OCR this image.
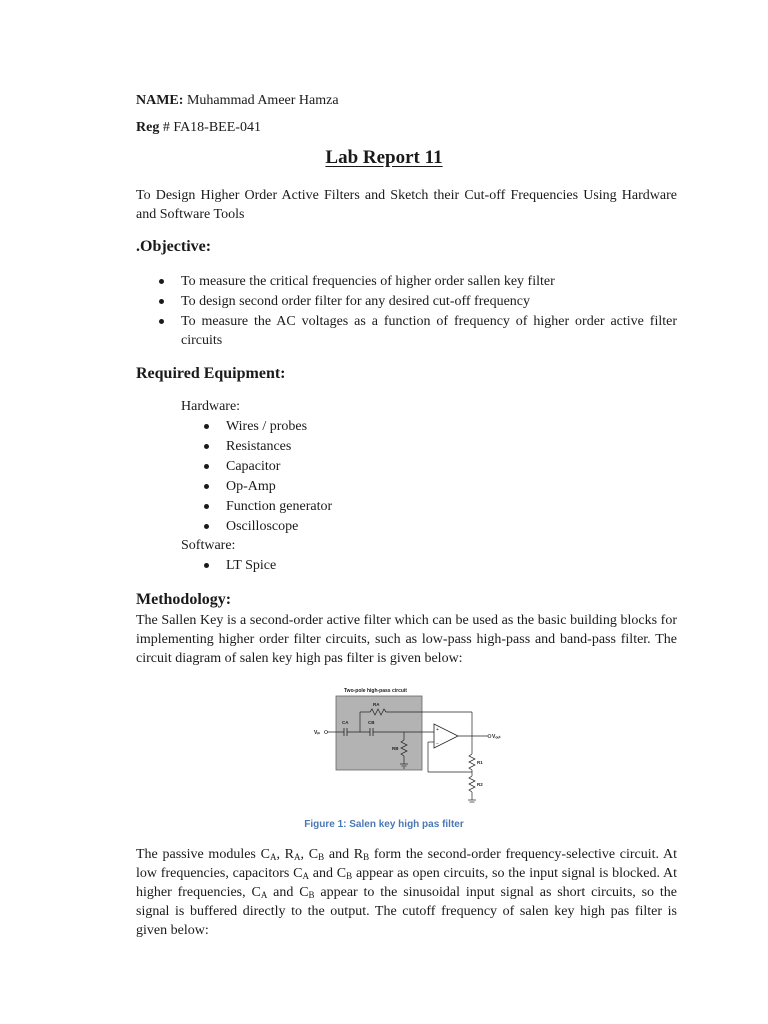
NAME: Muhammad Ameer Hamza
Reg # FA18-BEE-041
Lab Report 11
To Design Higher Order Active Filters and Sketch their Cut-off Frequencies Using Hardware and Software Tools
.Objective:
To measure the critical frequencies of higher order sallen key filter
To design second order filter for any desired cut-off frequency
To measure the AC voltages as a function of frequency of higher order active filter circuits
Required Equipment:
Hardware:
Wires / probes
Resistances
Capacitor
Op-Amp
Function generator
Oscilloscope
Software:
LT Spice
Methodology:
The Sallen Key is a second-order active filter which can be used as the basic building blocks for implementing higher order filter circuits, such as low-pass high-pass and band-pass filter. The circuit diagram of salen key high pas filter is given below:
Two-pole high-pass circuit
Vᵢₙ
CA
RA
CB
RB
+
−
Vₒᵤₜ
R1
R2
Figure 1: Salen key high pas filter
The passive modules $C_A$, $R_A$, $C_B$ and $R_B$ form the second-order frequency-selective circuit. At low frequencies, capacitors $C_A$ and $C_B$ appear as open circuits, so the input signal is blocked. At higher frequencies, $C_A$ and $C_B$ appear to the sinusoidal input signal as short circuits, so the signal is buffered directly to the output. The cutoff frequency of salen key high pas filter is given below:
